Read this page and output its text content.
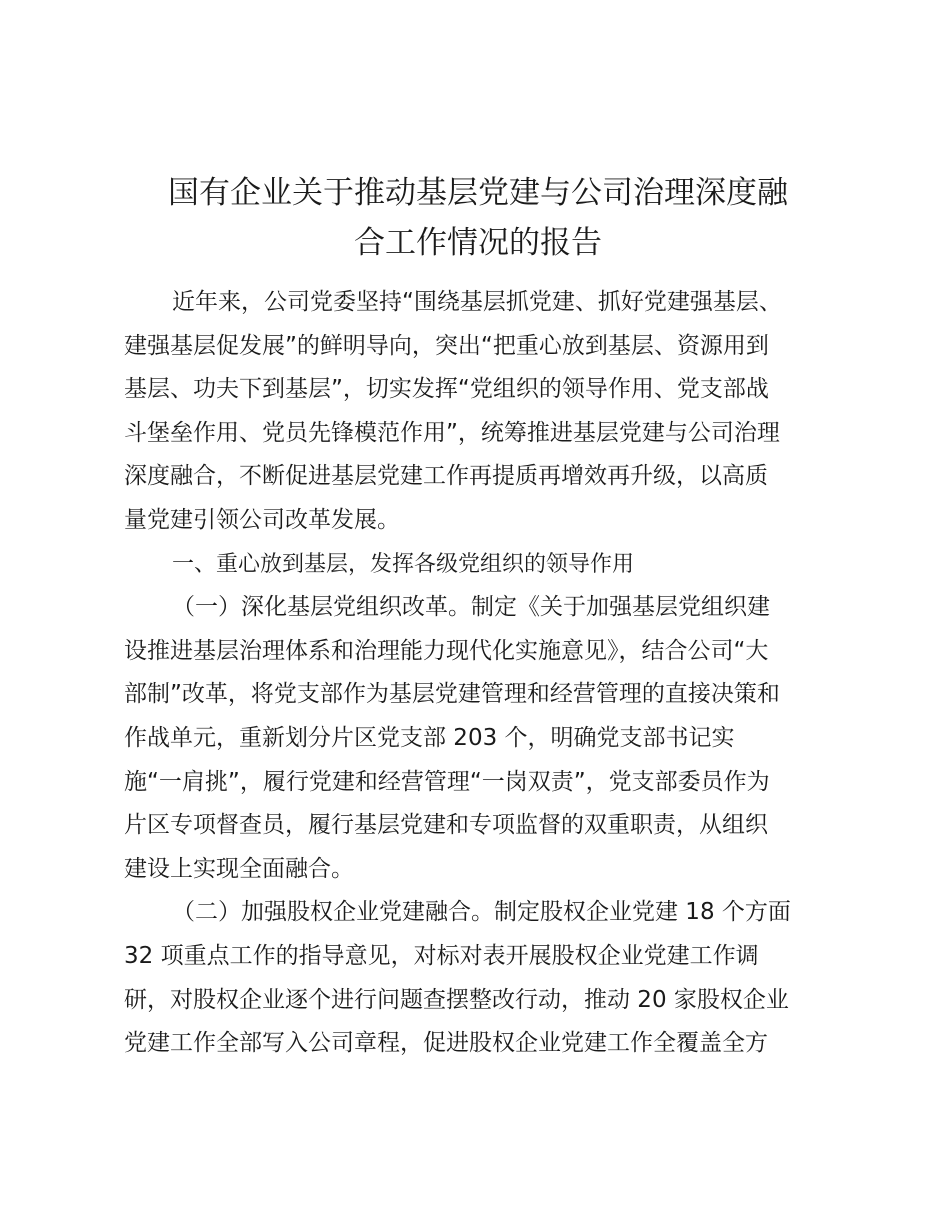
国有企业关于推动基层党建与公司治理深度融
合工作情况的报告
近年来，公司党委坚持“围绕基层抓党建、抓好党建强基层、
建强基层促发展”的鲜明导向，突出“把重心放到基层、资源用到
基层、功夫下到基层”，切实发挥“党组织的领导作用、党支部战
斗堡垒作用、党员先锋模范作用”，统筹推进基层党建与公司治理
深度融合，不断促进基层党建工作再提质再增效再升级，以高质
量党建引领公司改革发展。
一、重心放到基层，发挥各级党组织的领导作用
（一）深化基层党组织改革。制定《关于加强基层党组织建
设推进基层治理体系和治理能力现代化实施意见》，结合公司“大
部制”改革，将党支部作为基层党建管理和经营管理的直接决策和
作战单元，重新划分片区党支部 203 个，明确党支部书记实
施“一肩挑”，履行党建和经营管理“一岗双责”，党支部委员作为
片区专项督查员，履行基层党建和专项监督的双重职责，从组织
建设上实现全面融合。
（二）加强股权企业党建融合。制定股权企业党建 18 个方面
32 项重点工作的指导意见，对标对表开展股权企业党建工作调
研，对股权企业逐个进行问题查摆整改行动，推动 20 家股权企业
党建工作全部写入公司章程，促进股权企业党建工作全覆盖全方
